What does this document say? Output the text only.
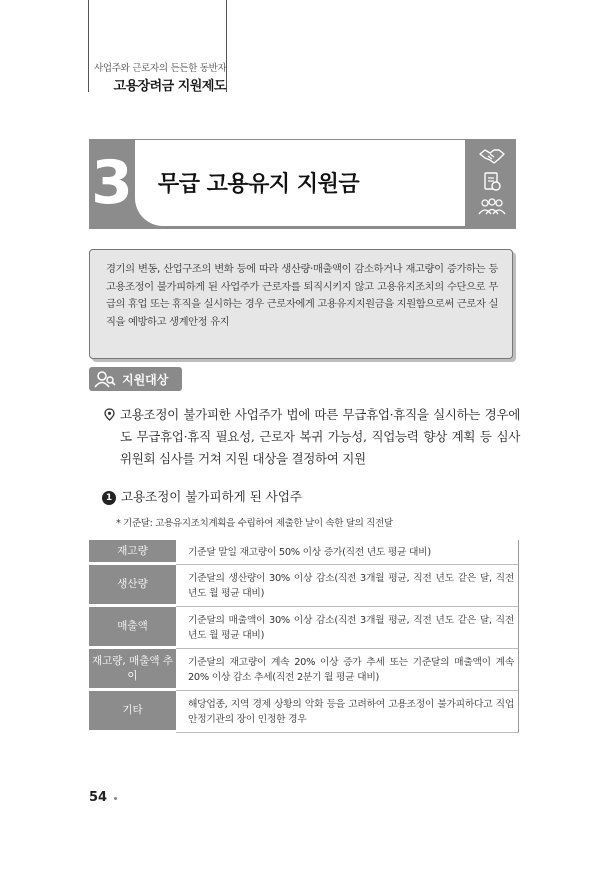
사업주와 근로자의 든든한 동반자
고용장려금 지원제도
3 무급 고용유지 지원금
경기의 변동, 산업구조의 변화 등에 따라 생산량·매출액이 감소하거나 재고량이 증가하는 등 고용조정이 불가피하게 된 사업주가 근로자를 퇴직시키지 않고 고용유지조치의 수단으로 무급의 휴업 또는 휴직을 실시하는 경우 근로자에게 고용유지지원금을 지원함으로써 근로자 실직을 예방하고 생계안정 유지
지원대상
고용조정이 불가피한 사업주가 법에 따른 무급휴업·휴직을 실시하는 경우에도 무급휴업·휴직 필요성, 근로자 복귀 가능성, 직업능력 향상 계획 등 심사위원회 심사를 거쳐 지원 대상을 결정하여 지원
1 고용조정이 불가피하게 된 사업주
* 기준달: 고용유지조치계획을 수립하여 제출한 날이 속한 달의 직전달
재고량	기준달 말일 재고량이 50% 이상 증가(직전 년도 평균 대비)
생산량	기준달의 생산량이 30% 이상 감소(직전 3개월 평균, 직전 년도 같은 달, 직전 년도 월 평균 대비)
매출액	기준달의 매출액이 30% 이상 감소(직전 3개월 평균, 직전 년도 같은 달, 직전 년도 월 평균 대비)
재고량, 매출액 추이	기준달의 재고량이 계속 20% 이상 증가 추세 또는 기준달의 매출액이 계속 20% 이상 감소 추세(직전 2분기 월 평균 대비)
기타	해당업종, 지역 경제 상황의 악화 등을 고려하여 고용조정이 불가피하다고 직업안정기관의 장이 인정한 경우
54
